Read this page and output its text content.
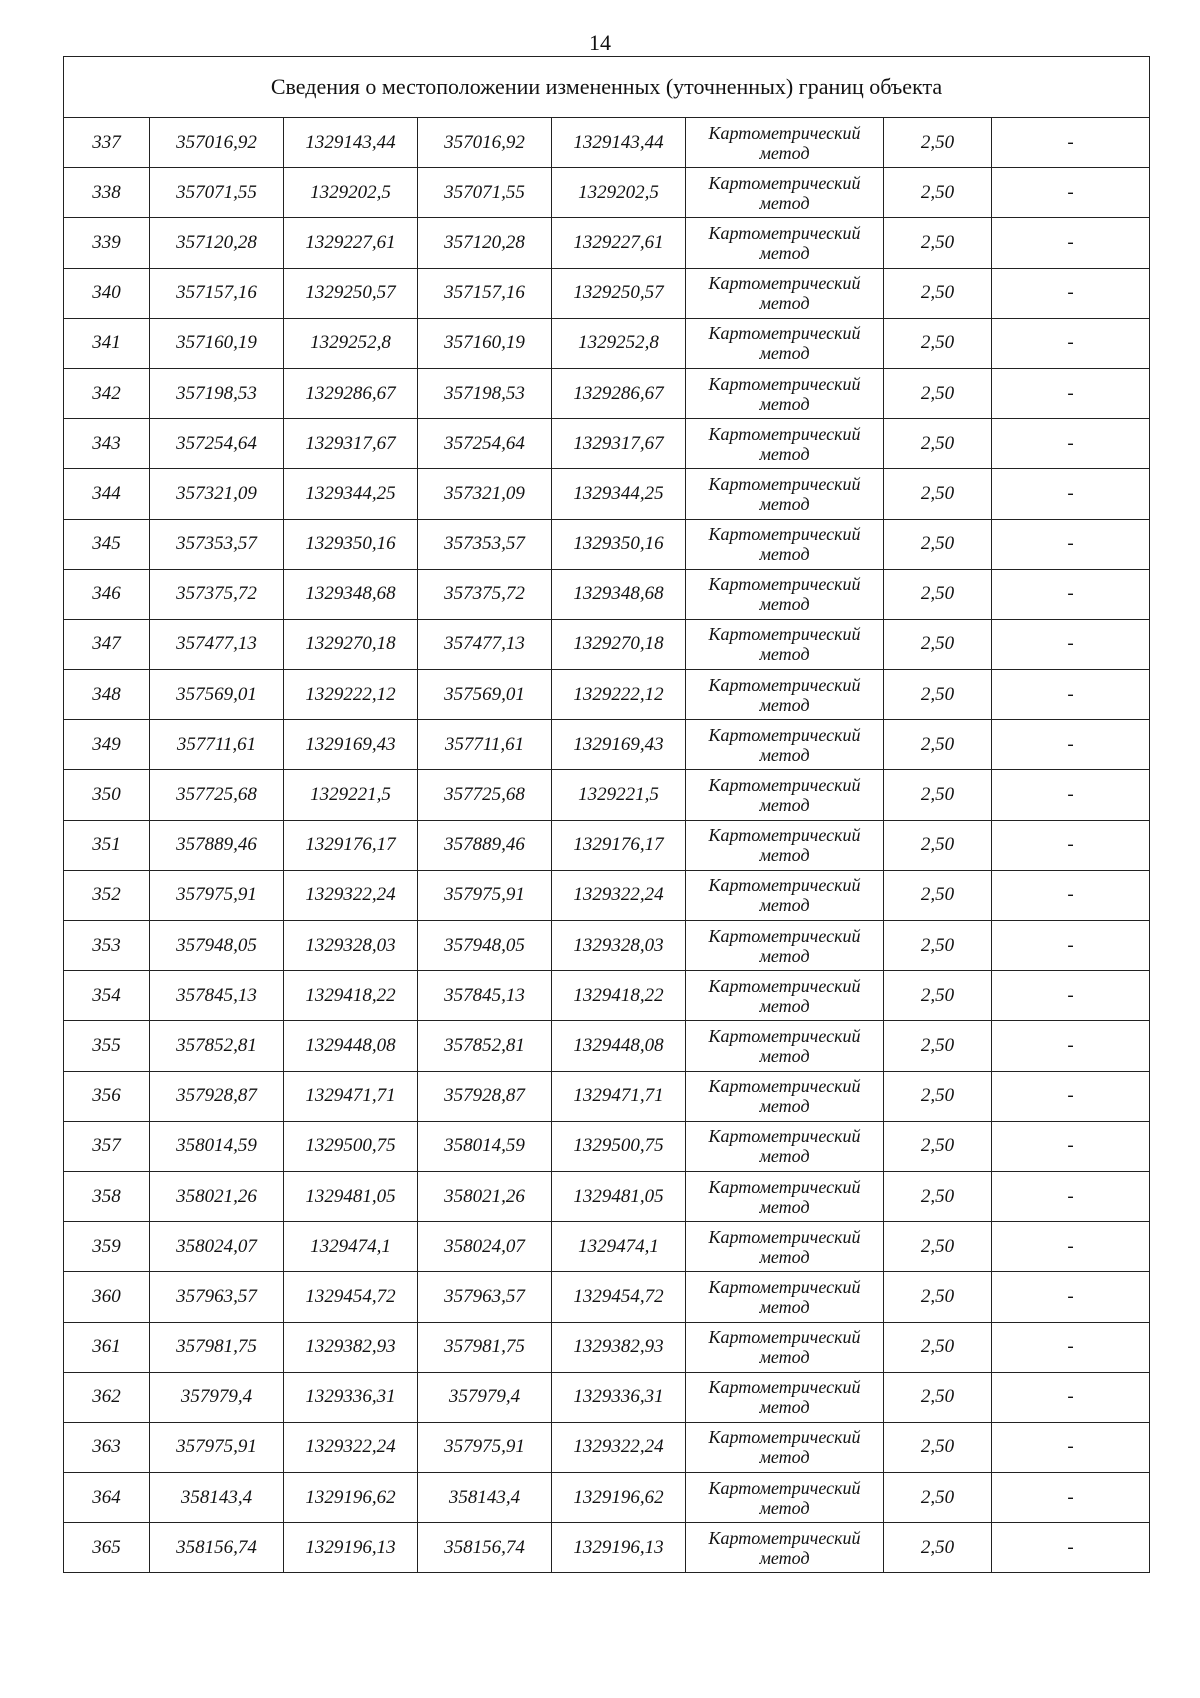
14
Сведения о местоположении измененных (уточненных) границ объекта							
337	357016,92	1329143,44	357016,92	1329143,44	Картометрический метод	2,50	-
338	357071,55	1329202,5	357071,55	1329202,5	Картометрический метод	2,50	-
339	357120,28	1329227,61	357120,28	1329227,61	Картометрический метод	2,50	-
340	357157,16	1329250,57	357157,16	1329250,57	Картометрический метод	2,50	-
341	357160,19	1329252,8	357160,19	1329252,8	Картометрический метод	2,50	-
342	357198,53	1329286,67	357198,53	1329286,67	Картометрический метод	2,50	-
343	357254,64	1329317,67	357254,64	1329317,67	Картометрический метод	2,50	-
344	357321,09	1329344,25	357321,09	1329344,25	Картометрический метод	2,50	-
345	357353,57	1329350,16	357353,57	1329350,16	Картометрический метод	2,50	-
346	357375,72	1329348,68	357375,72	1329348,68	Картометрический метод	2,50	-
347	357477,13	1329270,18	357477,13	1329270,18	Картометрический метод	2,50	-
348	357569,01	1329222,12	357569,01	1329222,12	Картометрический метод	2,50	-
349	357711,61	1329169,43	357711,61	1329169,43	Картометрический метод	2,50	-
350	357725,68	1329221,5	357725,68	1329221,5	Картометрический метод	2,50	-
351	357889,46	1329176,17	357889,46	1329176,17	Картометрический метод	2,50	-
352	357975,91	1329322,24	357975,91	1329322,24	Картометрический метод	2,50	-
353	357948,05	1329328,03	357948,05	1329328,03	Картометрический метод	2,50	-
354	357845,13	1329418,22	357845,13	1329418,22	Картометрический метод	2,50	-
355	357852,81	1329448,08	357852,81	1329448,08	Картометрический метод	2,50	-
356	357928,87	1329471,71	357928,87	1329471,71	Картометрический метод	2,50	-
357	358014,59	1329500,75	358014,59	1329500,75	Картометрический метод	2,50	-
358	358021,26	1329481,05	358021,26	1329481,05	Картометрический метод	2,50	-
359	358024,07	1329474,1	358024,07	1329474,1	Картометрический метод	2,50	-
360	357963,57	1329454,72	357963,57	1329454,72	Картометрический метод	2,50	-
361	357981,75	1329382,93	357981,75	1329382,93	Картометрический метод	2,50	-
362	357979,4	1329336,31	357979,4	1329336,31	Картометрический метод	2,50	-
363	357975,91	1329322,24	357975,91	1329322,24	Картометрический метод	2,50	-
364	358143,4	1329196,62	358143,4	1329196,62	Картометрический метод	2,50	-
365	358156,74	1329196,13	358156,74	1329196,13	Картометрический метод	2,50	-
